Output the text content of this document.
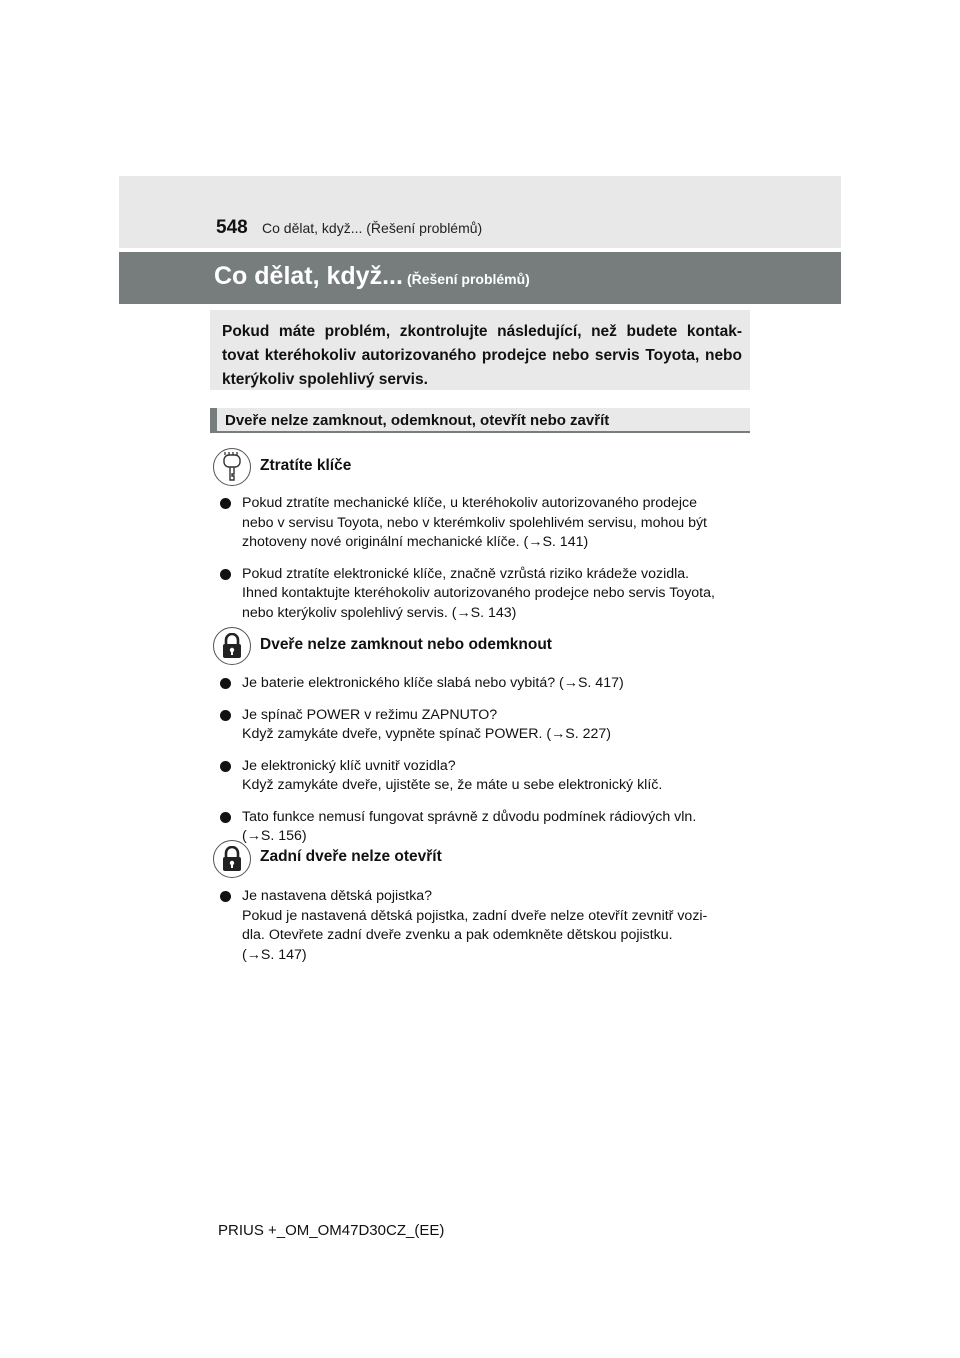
548 Co dělat, když... (Řešení problémů)
Co dělat, když... (Řešení problémů)
Pokud máte problém, zkontrolujte následující, než budete kontak-tovat kteréhokoliv autorizovaného prodejce nebo servis Toyota, nebo kterýkoliv spolehlivý servis.
Dveře nelze zamknout, odemknout, otevřít nebo zavřít
Ztratíte klíče
Pokud ztratíte mechanické klíče, u kteréhokoliv autorizovaného prodejce
nebo v servisu Toyota, nebo v kterémkoliv spolehlivém servisu, mohou být
zhotoveny nové originální mechanické klíče. (→S. 141)
Pokud ztratíte elektronické klíče, značně vzrůstá riziko krádeže vozidla.
Ihned kontaktujte kteréhokoliv autorizovaného prodejce nebo servis Toyota,
nebo kterýkoliv spolehlivý servis. (→S. 143)
Dveře nelze zamknout nebo odemknout
Je baterie elektronického klíče slabá nebo vybitá? (→S. 417)
Je spínač POWER v režimu ZAPNUTO?
Když zamykáte dveře, vypněte spínač POWER. (→S. 227)
Je elektronický klíč uvnitř vozidla?
Když zamykáte dveře, ujistěte se, že máte u sebe elektronický klíč.
Tato funkce nemusí fungovat správně z důvodu podmínek rádiových vln.
(→S. 156)
Zadní dveře nelze otevřít
Je nastavena dětská pojistka?
Pokud je nastavená dětská pojistka, zadní dveře nelze otevřít zevnitř vozi-
dla. Otevřete zadní dveře zvenku a pak odemkněte dětskou pojistku.
(→S. 147)
PRIUS +_OM_OM47D30CZ_(EE)
